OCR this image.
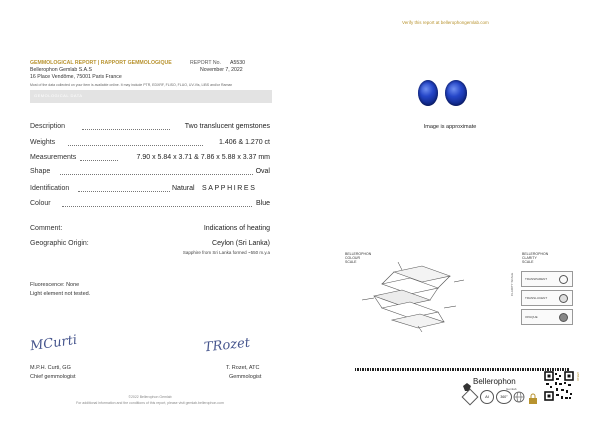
Verify this report at bellerophongemlab.com
GEMMOLOGICAL REPORT | RAPPORT GEMMOLOGIQUE	REPORT No. A5530
Bellerophon Gemlab S.A.S	November 7, 2022
16 Place Vendôme, 75001 Paris France
Most of the data collected on your item is available online. It may include PTR, EDXRF, FLISO, FLUO, UV-Vis, LIBS and/or Raman
GEMOLOGICAL DATA
Description	Two translucent gemstones
Weights	1.406 & 1.270 ct
Measurements	7.90 x 5.84 x 3.71 & 7.86 x 5.88 x 3.37 mm
Shape	Oval
Identification	Natural SAPPHIRES
Colour	Blue
Comment:	Indications of heating
Geographic Origin:	Ceylon (Sri Lanka)
Sapphire from Sri Lanka formed ~550 m.y.a
Fluorescence: None
Light element not tested.
MCurti
M.P.H. Curti, GG
Chief gemmologist
TRozet
T. Rozet, ATC
Gemmologist
©2022 Bellerophon Gemlab
For additional information and the conditions of this report, please visit gemlab.bellerophon.com
Image is approximate
BELLEROPHON
COLOUR
SCALE
BELLEROPHON
CLARITY
SCALE
CLARITY SCALE	TRANSPARENT
TRANSLUCENT
OPAQUE
Bellerophon
Gemlab
AI	360°
A5530
